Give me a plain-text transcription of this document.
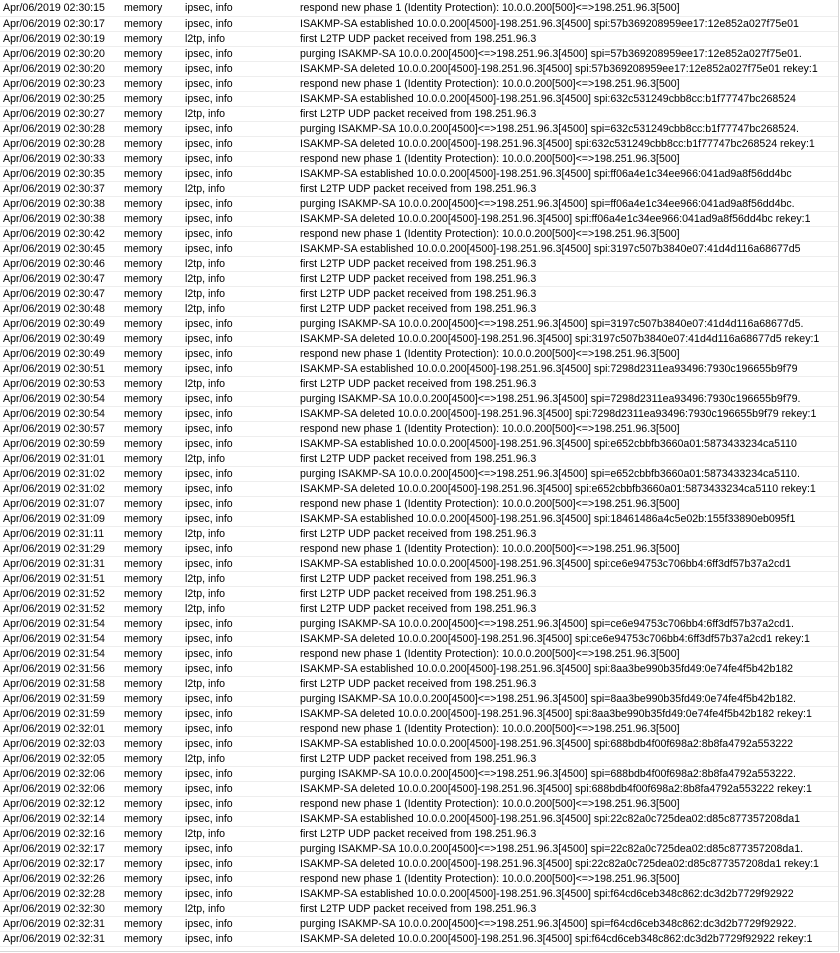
Apr/06/2019 02:30:15	memory	ipsec, info	respond new phase 1 (Identity Protection): 10.0.0.200[500]<=>198.251.96.3[500]
Apr/06/2019 02:30:17	memory	ipsec, info	ISAKMP-SA established 10.0.0.200[4500]-198.251.96.3[4500] spi:57b369208959ee17:12e852a027f75e01
Apr/06/2019 02:30:19	memory	l2tp, info	first L2TP UDP packet received from 198.251.96.3
Apr/06/2019 02:30:20	memory	ipsec, info	purging ISAKMP-SA 10.0.0.200[4500]<=>198.251.96.3[4500] spi=57b369208959ee17:12e852a027f75e01.
Apr/06/2019 02:30:20	memory	ipsec, info	ISAKMP-SA deleted 10.0.0.200[4500]-198.251.96.3[4500] spi:57b369208959ee17:12e852a027f75e01 rekey:1
Apr/06/2019 02:30:23	memory	ipsec, info	respond new phase 1 (Identity Protection): 10.0.0.200[500]<=>198.251.96.3[500]
Apr/06/2019 02:30:25	memory	ipsec, info	ISAKMP-SA established 10.0.0.200[4500]-198.251.96.3[4500] spi:632c531249cbb8cc:b1f77747bc268524
Apr/06/2019 02:30:27	memory	l2tp, info	first L2TP UDP packet received from 198.251.96.3
Apr/06/2019 02:30:28	memory	ipsec, info	purging ISAKMP-SA 10.0.0.200[4500]<=>198.251.96.3[4500] spi=632c531249cbb8cc:b1f77747bc268524.
Apr/06/2019 02:30:28	memory	ipsec, info	ISAKMP-SA deleted 10.0.0.200[4500]-198.251.96.3[4500] spi:632c531249cbb8cc:b1f77747bc268524 rekey:1
Apr/06/2019 02:30:33	memory	ipsec, info	respond new phase 1 (Identity Protection): 10.0.0.200[500]<=>198.251.96.3[500]
Apr/06/2019 02:30:35	memory	ipsec, info	ISAKMP-SA established 10.0.0.200[4500]-198.251.96.3[4500] spi:ff06a4e1c34ee966:041ad9a8f56dd4bc
Apr/06/2019 02:30:37	memory	l2tp, info	first L2TP UDP packet received from 198.251.96.3
Apr/06/2019 02:30:38	memory	ipsec, info	purging ISAKMP-SA 10.0.0.200[4500]<=>198.251.96.3[4500] spi=ff06a4e1c34ee966:041ad9a8f56dd4bc.
Apr/06/2019 02:30:38	memory	ipsec, info	ISAKMP-SA deleted 10.0.0.200[4500]-198.251.96.3[4500] spi:ff06a4e1c34ee966:041ad9a8f56dd4bc rekey:1
Apr/06/2019 02:30:42	memory	ipsec, info	respond new phase 1 (Identity Protection): 10.0.0.200[500]<=>198.251.96.3[500]
Apr/06/2019 02:30:45	memory	ipsec, info	ISAKMP-SA established 10.0.0.200[4500]-198.251.96.3[4500] spi:3197c507b3840e07:41d4d116a68677d5
Apr/06/2019 02:30:46	memory	l2tp, info	first L2TP UDP packet received from 198.251.96.3
Apr/06/2019 02:30:47	memory	l2tp, info	first L2TP UDP packet received from 198.251.96.3
Apr/06/2019 02:30:47	memory	l2tp, info	first L2TP UDP packet received from 198.251.96.3
Apr/06/2019 02:30:48	memory	l2tp, info	first L2TP UDP packet received from 198.251.96.3
Apr/06/2019 02:30:49	memory	ipsec, info	purging ISAKMP-SA 10.0.0.200[4500]<=>198.251.96.3[4500] spi=3197c507b3840e07:41d4d116a68677d5.
Apr/06/2019 02:30:49	memory	ipsec, info	ISAKMP-SA deleted 10.0.0.200[4500]-198.251.96.3[4500] spi:3197c507b3840e07:41d4d116a68677d5 rekey:1
Apr/06/2019 02:30:49	memory	ipsec, info	respond new phase 1 (Identity Protection): 10.0.0.200[500]<=>198.251.96.3[500]
Apr/06/2019 02:30:51	memory	ipsec, info	ISAKMP-SA established 10.0.0.200[4500]-198.251.96.3[4500] spi:7298d2311ea93496:7930c196655b9f79
Apr/06/2019 02:30:53	memory	l2tp, info	first L2TP UDP packet received from 198.251.96.3
Apr/06/2019 02:30:54	memory	ipsec, info	purging ISAKMP-SA 10.0.0.200[4500]<=>198.251.96.3[4500] spi=7298d2311ea93496:7930c196655b9f79.
Apr/06/2019 02:30:54	memory	ipsec, info	ISAKMP-SA deleted 10.0.0.200[4500]-198.251.96.3[4500] spi:7298d2311ea93496:7930c196655b9f79 rekey:1
Apr/06/2019 02:30:57	memory	ipsec, info	respond new phase 1 (Identity Protection): 10.0.0.200[500]<=>198.251.96.3[500]
Apr/06/2019 02:30:59	memory	ipsec, info	ISAKMP-SA established 10.0.0.200[4500]-198.251.96.3[4500] spi:e652cbbfb3660a01:5873433234ca5110
Apr/06/2019 02:31:01	memory	l2tp, info	first L2TP UDP packet received from 198.251.96.3
Apr/06/2019 02:31:02	memory	ipsec, info	purging ISAKMP-SA 10.0.0.200[4500]<=>198.251.96.3[4500] spi=e652cbbfb3660a01:5873433234ca5110.
Apr/06/2019 02:31:02	memory	ipsec, info	ISAKMP-SA deleted 10.0.0.200[4500]-198.251.96.3[4500] spi:e652cbbfb3660a01:5873433234ca5110 rekey:1
Apr/06/2019 02:31:07	memory	ipsec, info	respond new phase 1 (Identity Protection): 10.0.0.200[500]<=>198.251.96.3[500]
Apr/06/2019 02:31:09	memory	ipsec, info	ISAKMP-SA established 10.0.0.200[4500]-198.251.96.3[4500] spi:18461486a4c5e02b:155f33890eb095f1
Apr/06/2019 02:31:11	memory	l2tp, info	first L2TP UDP packet received from 198.251.96.3
Apr/06/2019 02:31:29	memory	ipsec, info	respond new phase 1 (Identity Protection): 10.0.0.200[500]<=>198.251.96.3[500]
Apr/06/2019 02:31:31	memory	ipsec, info	ISAKMP-SA established 10.0.0.200[4500]-198.251.96.3[4500] spi:ce6e94753c706bb4:6ff3df57b37a2cd1
Apr/06/2019 02:31:51	memory	l2tp, info	first L2TP UDP packet received from 198.251.96.3
Apr/06/2019 02:31:52	memory	l2tp, info	first L2TP UDP packet received from 198.251.96.3
Apr/06/2019 02:31:52	memory	l2tp, info	first L2TP UDP packet received from 198.251.96.3
Apr/06/2019 02:31:54	memory	ipsec, info	purging ISAKMP-SA 10.0.0.200[4500]<=>198.251.96.3[4500] spi=ce6e94753c706bb4:6ff3df57b37a2cd1.
Apr/06/2019 02:31:54	memory	ipsec, info	ISAKMP-SA deleted 10.0.0.200[4500]-198.251.96.3[4500] spi:ce6e94753c706bb4:6ff3df57b37a2cd1 rekey:1
Apr/06/2019 02:31:54	memory	ipsec, info	respond new phase 1 (Identity Protection): 10.0.0.200[500]<=>198.251.96.3[500]
Apr/06/2019 02:31:56	memory	ipsec, info	ISAKMP-SA established 10.0.0.200[4500]-198.251.96.3[4500] spi:8aa3be990b35fd49:0e74fe4f5b42b182
Apr/06/2019 02:31:58	memory	l2tp, info	first L2TP UDP packet received from 198.251.96.3
Apr/06/2019 02:31:59	memory	ipsec, info	purging ISAKMP-SA 10.0.0.200[4500]<=>198.251.96.3[4500] spi=8aa3be990b35fd49:0e74fe4f5b42b182.
Apr/06/2019 02:31:59	memory	ipsec, info	ISAKMP-SA deleted 10.0.0.200[4500]-198.251.96.3[4500] spi:8aa3be990b35fd49:0e74fe4f5b42b182 rekey:1
Apr/06/2019 02:32:01	memory	ipsec, info	respond new phase 1 (Identity Protection): 10.0.0.200[500]<=>198.251.96.3[500]
Apr/06/2019 02:32:03	memory	ipsec, info	ISAKMP-SA established 10.0.0.200[4500]-198.251.96.3[4500] spi:688bdb4f00f698a2:8b8fa4792a553222
Apr/06/2019 02:32:05	memory	l2tp, info	first L2TP UDP packet received from 198.251.96.3
Apr/06/2019 02:32:06	memory	ipsec, info	purging ISAKMP-SA 10.0.0.200[4500]<=>198.251.96.3[4500] spi=688bdb4f00f698a2:8b8fa4792a553222.
Apr/06/2019 02:32:06	memory	ipsec, info	ISAKMP-SA deleted 10.0.0.200[4500]-198.251.96.3[4500] spi:688bdb4f00f698a2:8b8fa4792a553222 rekey:1
Apr/06/2019 02:32:12	memory	ipsec, info	respond new phase 1 (Identity Protection): 10.0.0.200[500]<=>198.251.96.3[500]
Apr/06/2019 02:32:14	memory	ipsec, info	ISAKMP-SA established 10.0.0.200[4500]-198.251.96.3[4500] spi:22c82a0c725dea02:d85c877357208da1
Apr/06/2019 02:32:16	memory	l2tp, info	first L2TP UDP packet received from 198.251.96.3
Apr/06/2019 02:32:17	memory	ipsec, info	purging ISAKMP-SA 10.0.0.200[4500]<=>198.251.96.3[4500] spi=22c82a0c725dea02:d85c877357208da1.
Apr/06/2019 02:32:17	memory	ipsec, info	ISAKMP-SA deleted 10.0.0.200[4500]-198.251.96.3[4500] spi:22c82a0c725dea02:d85c877357208da1 rekey:1
Apr/06/2019 02:32:26	memory	ipsec, info	respond new phase 1 (Identity Protection): 10.0.0.200[500]<=>198.251.96.3[500]
Apr/06/2019 02:32:28	memory	ipsec, info	ISAKMP-SA established 10.0.0.200[4500]-198.251.96.3[4500] spi:f64cd6ceb348c862:dc3d2b7729f92922
Apr/06/2019 02:32:30	memory	l2tp, info	first L2TP UDP packet received from 198.251.96.3
Apr/06/2019 02:32:31	memory	ipsec, info	purging ISAKMP-SA 10.0.0.200[4500]<=>198.251.96.3[4500] spi=f64cd6ceb348c862:dc3d2b7729f92922.
Apr/06/2019 02:32:31	memory	ipsec, info	ISAKMP-SA deleted 10.0.0.200[4500]-198.251.96.3[4500] spi:f64cd6ceb348c862:dc3d2b7729f92922 rekey:1
